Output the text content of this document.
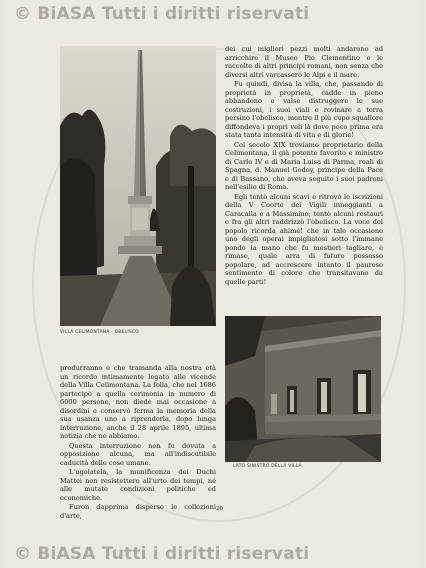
© BiASA Tutti i diritti riservati
VILLA CELIMONTANA - OBELISCO

dei cui migliori pezzi molti andarono ad arricchire il Museo Pio Clementino e le raccolte di altri principi romani, non senza che diversi altri varcassero le Alpi e il mare.

Fu quindi, divisa la villa, che, passando di proprietà in proprietà, cadde in pieno abbandono e valse distruggere le sue costruzioni, i suoi viali e rovinare a terra persino l'obelisco, mentre il più cupo squallore diffondeva i propri veli là dove poco prima era stata tanta intensità di vita e di glorie!

Col secolo XIX troviamo proprietario della Celimontana, il già potente favorito e ministro di Carlo IV e di Maria Luisa di Parma, reali di Spagna, d. Manuel Godoy, principe della Pace e di Bassano, che aveva seguito i suoi padroni nell'esilio di Roma.

Egli tentò alcuni scavi e ritrovò le iscrizioni della V Coorte dei Vigili inneggianti a Caracalla e a Massimino; tentò alcuni restauri e fra gli altri raddrizzò l'obelisco. La voce del popolo ricorda ahimè! che in tale occasione uno degli operai impigliatosi sotto l'immane pondo la mano che fu mestieri tagliare, e rimase, quale arra di futuro possesso popolare, ad accrescere intanto il pauroso sentimento di colore che transitavano da quelle parti!

LATO SINISTRO DELLA VILLA

produrranno e che tramanda alla nostra età un ricordo intimamente legato alle vicende della Villa Celimontana. La folla, che nel 1686 partecipò a quella cerimonia in numero di 6000 persone, non diede mai occasione a disordini e conservò ferma la memoria della sua usanza uno a riprenderla, dopo lunga interruzione, anche il 28 aprile 1895, ultima notizia che ne abbiamo.

Questa interruzione non fu dovuta a opposizione alcuna, ma all'indiscutibile caducità delle cose umane.

L'ugolatela, la munificenza dei Duchi Mattei non resistettero all'urto dei tempi, né alle mutate condizioni politiche ed economiche.

Furon dapprima disperse le collezioni d'arte,

20
© BiASA Tutti i diritti riservati
